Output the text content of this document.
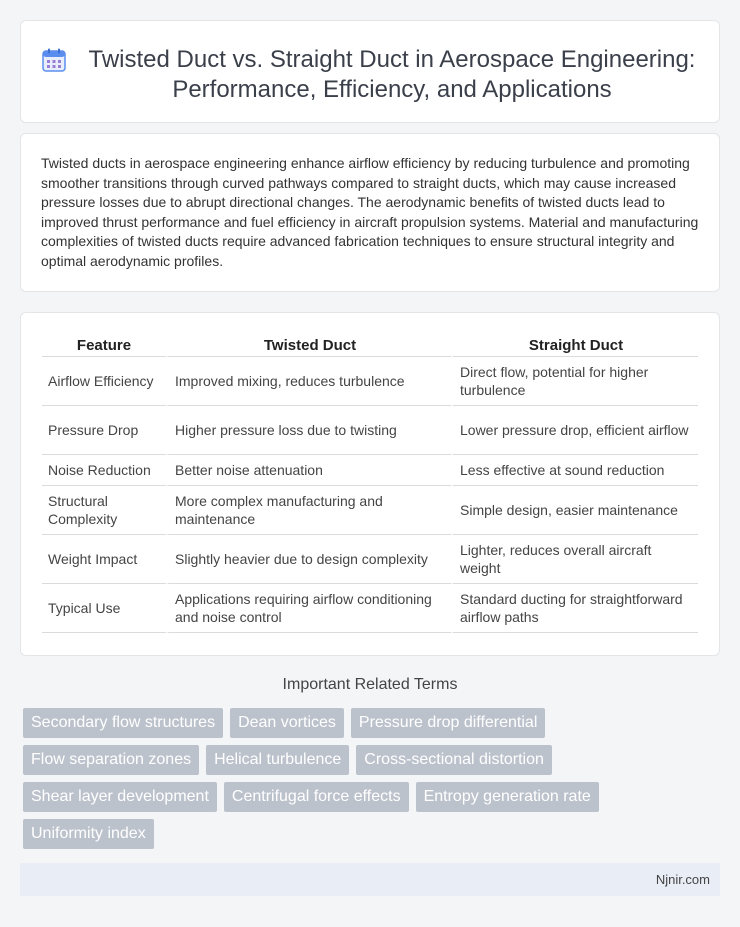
Twisted Duct vs. Straight Duct in Aerospace Engineering: Performance, Efficiency, and Applications

Twisted ducts in aerospace engineering enhance airflow efficiency by reducing turbulence and promoting smoother transitions through curved pathways compared to straight ducts, which may cause increased pressure losses due to abrupt directional changes. The aerodynamic benefits of twisted ducts lead to improved thrust performance and fuel efficiency in aircraft propulsion systems. Material and manufacturing complexities of twisted ducts require advanced fabrication techniques to ensure structural integrity and optimal aerodynamic profiles.

Feature	Twisted Duct	Straight Duct
Airflow Efficiency	Improved mixing, reduces turbulence	Direct flow, potential for higher turbulence
Pressure Drop	Higher pressure loss due to twisting	Lower pressure drop, efficient airflow
Noise Reduction	Better noise attenuation	Less effective at sound reduction
Structural Complexity	More complex manufacturing and maintenance	Simple design, easier maintenance
Weight Impact	Slightly heavier due to design complexity	Lighter, reduces overall aircraft weight
Typical Use	Applications requiring airflow conditioning and noise control	Standard ducting for straightforward airflow paths
Important Related Terms
Secondary flow structures	Dean vortices	Pressure drop differential
Flow separation zones	Helical turbulence	Cross-sectional distortion
Shear layer development	Centrifugal force effects	Entropy generation rate
Uniformity index
Njnir.com
